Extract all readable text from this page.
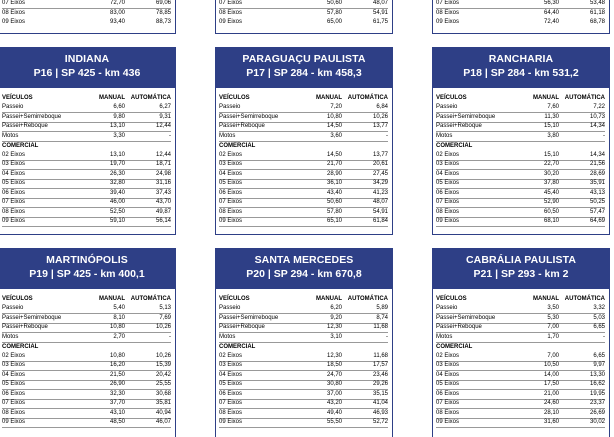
07 Eixos	72,70	69,06
08 Eixos	83,00	78,85
09 Eixos	93,40	88,73
07 Eixos	50,60	48,07
08 Eixos	57,80	54,91
09 Eixos	65,00	61,75
07 Eixos	56,30	53,48
08 Eixos	64,40	61,18
09 Eixos	72,40	68,78
INDIANA
P16 | SP 425 - km 436
VEÍCULOS	MANUAL AUTOMÁTICA
Passeio	6,60	6,27
Passei+Semirreboque	9,80	9,31
Passei+Reboque	13,10	12,44
Motos	3,30	-
COMERCIAL
02 Eixos	13,10	12,44
03 Eixos	19,70	18,71
04 Eixos	26,30	24,98
05 Eixos	32,80	31,16
06 Eixos	39,40	37,43
07 Eixos	46,00	43,70
08 Eixos	52,50	49,87
09 Eixos	59,10	56,14
PARAGUAÇU PAULISTA
P17 | SP 284 - km 458,3
VEÍCULOS	MANUAL AUTOMÁTICA
Passeio	7,20	6,84
Passei+Semirreboque	10,80	10,26
Passei+Reboque	14,50	13,77
Motos	3,60	-
COMERCIAL
02 Eixos	14,50	13,77
03 Eixos	21,70	20,61
04 Eixos	28,90	27,45
05 Eixos	36,10	34,29
06 Eixos	43,40	41,23
07 Eixos	50,60	48,07
08 Eixos	57,80	54,91
09 Eixos	65,10	61,84
RANCHARIA
P18 | SP 284 - km 531,2
VEÍCULOS	MANUAL AUTOMÁTICA
Passeio	7,60	7,22
Passei+Semirreboque	11,30	10,73
Passei+Reboque	15,10	14,34
Motos	3,80	-
COMERCIAL
02 Eixos	15,10	14,34
03 Eixos	22,70	21,56
04 Eixos	30,20	28,69
05 Eixos	37,80	35,91
06 Eixos	45,40	43,13
07 Eixos	52,90	50,25
08 Eixos	60,50	57,47
09 Eixos	68,10	64,69
MARTINÓPOLIS
P19 | SP 425 - km 400,1
VEÍCULOS	MANUAL AUTOMÁTICA
Passeio	5,40	5,13
Passei+Semirreboque	8,10	7,69
Passei+Reboque	10,80	10,26
Motos	2,70	-
COMERCIAL
02 Eixos	10,80	10,26
03 Eixos	16,20	15,39
04 Eixos	21,50	20,42
05 Eixos	26,90	25,55
06 Eixos	32,30	30,68
07 Eixos	37,70	35,81
08 Eixos	43,10	40,94
09 Eixos	48,50	46,07
SANTA MERCEDES
P20 | SP 294 - km 670,8
VEÍCULOS	MANUAL AUTOMÁTICA
Passeio	6,20	5,89
Passei+Semirreboque	9,20	8,74
Passei+Reboque	12,30	11,68
Motos	3,10	-
COMERCIAL
02 Eixos	12,30	11,68
03 Eixos	18,50	17,57
04 Eixos	24,70	23,46
05 Eixos	30,80	29,26
06 Eixos	37,00	35,15
07 Eixos	43,20	41,04
08 Eixos	49,40	46,93
09 Eixos	55,50	52,72
CABRÁLIA PAULISTA
P21 | SP 293 - km 2
VEÍCULOS	MANUAL AUTOMÁTICA
Passeio	3,50	3,32
Passei+Semirreboque	5,30	5,03
Passei+Reboque	7,00	6,65
Motos	1,70	-
COMERCIAL
02 Eixos	7,00	6,65
03 Eixos	10,50	9,97
04 Eixos	14,00	13,30
05 Eixos	17,50	16,62
06 Eixos	21,00	19,95
07 Eixos	24,60	23,37
08 Eixos	28,10	26,69
09 Eixos	31,60	30,02
